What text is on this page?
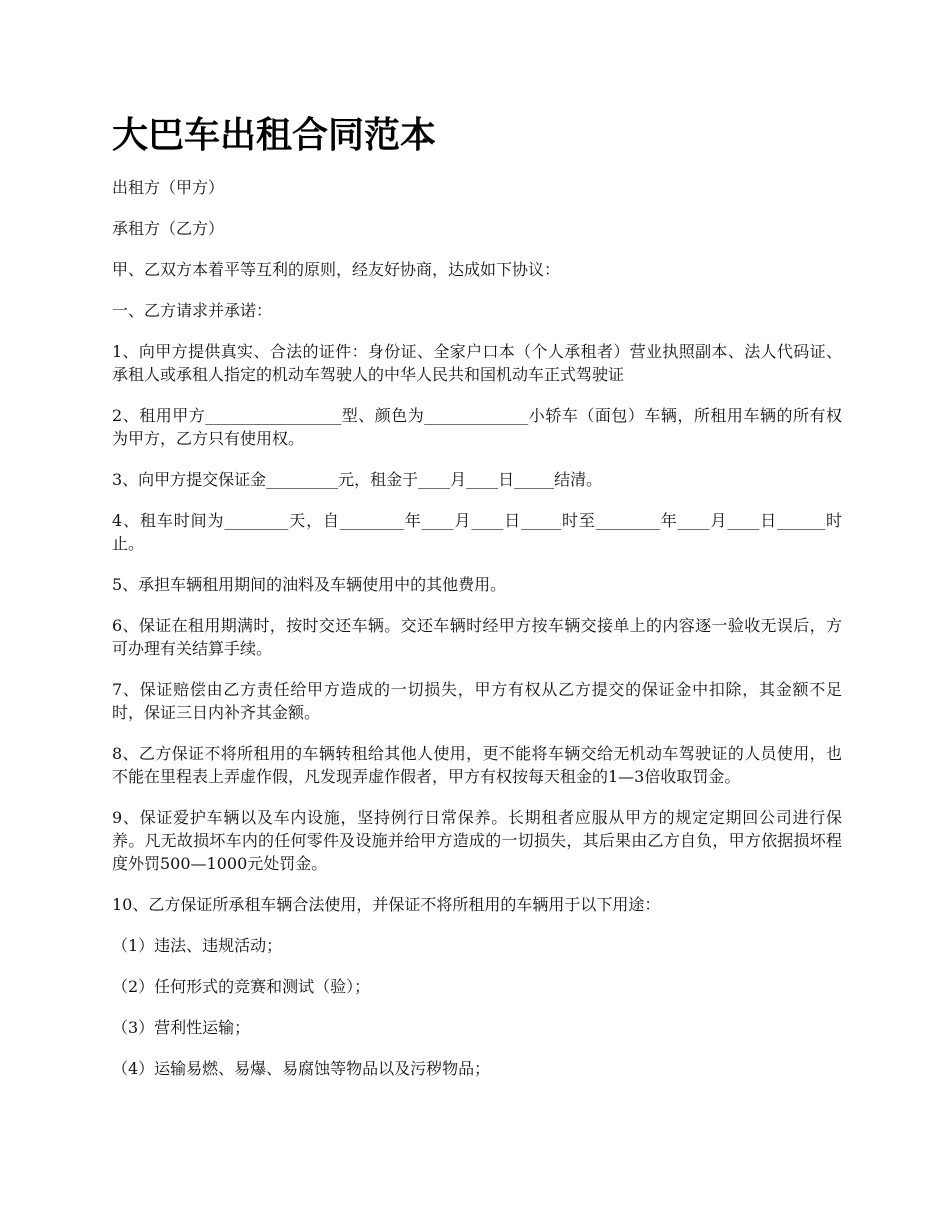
大巴车出租合同范本

出租方（甲方）

承租方（乙方）

甲、乙双方本着平等互利的原则，经友好协商，达成如下协议：

一、乙方请求并承诺：

1、向甲方提供真实、合法的证件：身份证、全家户口本（个人承租者）营业执照副本、法人代码证、承租人或承租人指定的机动车驾驶人的中华人民共和国机动车正式驾驶证

2、租用甲方_________________型、颜色为_____________小轿车（面包）车辆，所租用车辆的所有权为甲方，乙方只有使用权。

3、向甲方提交保证金_________元，租金于____月____日_____结清。

4、租车时间为________天，自________年____月____日_____时至________年____月____日______时止。

5、承担车辆租用期间的油料及车辆使用中的其他费用。

6、保证在租用期满时，按时交还车辆。交还车辆时经甲方按车辆交接单上的内容逐一验收无误后，方可办理有关结算手续。

7、保证赔偿由乙方责任给甲方造成的一切损失，甲方有权从乙方提交的保证金中扣除，其金额不足时，保证三日内补齐其金额。

8、乙方保证不将所租用的车辆转租给其他人使用，更不能将车辆交给无机动车驾驶证的人员使用，也不能在里程表上弄虚作假，凡发现弄虚作假者，甲方有权按每天租金的1—3倍收取罚金。

9、保证爱护车辆以及车内设施，坚持例行日常保养。长期租者应服从甲方的规定定期回公司进行保养。凡无故损坏车内的任何零件及设施并给甲方造成的一切损失，其后果由乙方自负，甲方依据损坏程度外罚500—1000元处罚金。

10、乙方保证所承租车辆合法使用，并保证不将所租用的车辆用于以下用途：

（1）违法、违规活动；

（2）任何形式的竞赛和测试（验）；

（3）营利性运输；

（4）运输易燃、易爆、易腐蚀等物品以及污秽物品；
